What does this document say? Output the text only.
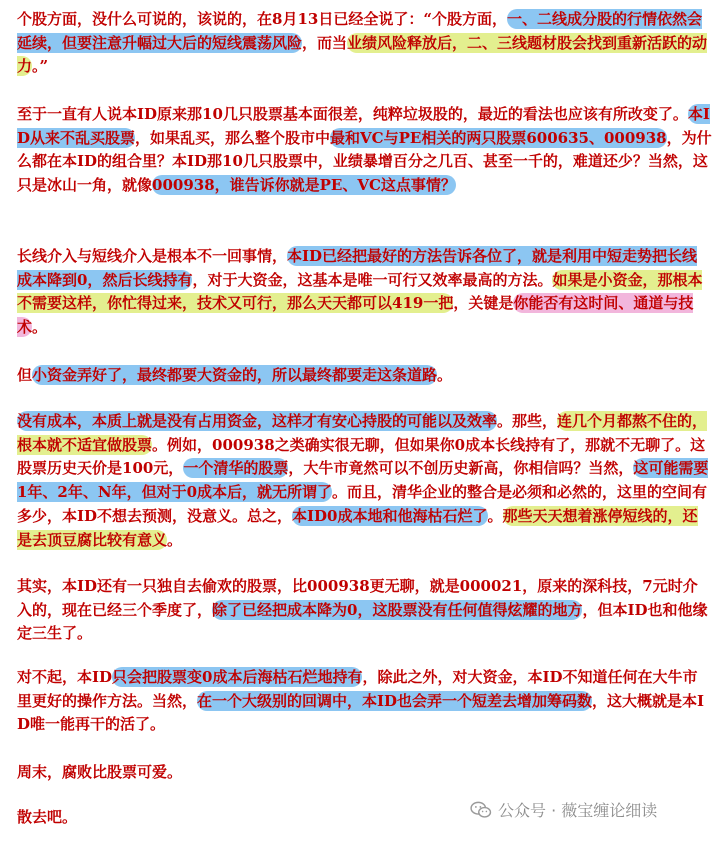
个股方面，没什么可说的，该说的，在8月13日已经全说了：“个股方面，一、二线成分股的行情依然会延续，但要注意升幅过大后的短线震荡风险，而当业绩风险释放后，二、三线题材股会找到重新活跃的动力。”

至于一直有人说本ID原来那10几只股票基本面很差，纯粹垃圾股的，最近的看法也应该有所改变了。本ID从来不乱买股票，如果乱买，那么整个股市中最和VC与PE相关的两只股票600635、000938，为什么都在本ID的组合里？本ID那10几只股票中，业绩暴增百分之几百、甚至一千的，难道还少？当然，这只是冰山一角，就像000938，谁告诉你就是PE、VC这点事情？

长线介入与短线介入是根本不一回事情，本ID已经把最好的方法告诉各位了，就是利用中短走势把长线成本降到0，然后长线持有，对于大资金，这基本是唯一可行又效率最高的方法。如果是小资金，那根本不需要这样，你忙得过来，技术又可行，那么天天都可以419一把，关键是你能否有这时间、通道与技术。

但小资金弄好了，最终都要大资金的，所以最终都要走这条道路。

没有成本，本质上就是没有占用资金，这样才有安心持股的可能以及效率。那些，连几个月都熬不住的，根本就不适宜做股票。例如，000938之类确实很无聊，但如果你0成本长线持有了，那就不无聊了。这股票历史天价是100元，一个清华的股票，大牛市竟然可以不创历史新高，你相信吗？当然，这可能需要1年、2年、N年，但对于0成本后，就无所谓了。而且，清华企业的整合是必须和必然的，这里的空间有多少，本ID不想去预测，没意义。总之，本ID0成本地和他海枯石烂了。那些天天想着涨停短线的，还是去顶豆腐比较有意义。

其实，本ID还有一只独自去偷欢的股票，比000938更无聊，就是000021，原来的深科技，7元时介入的，现在已经三个季度了，除了已经把成本降为0，这股票没有任何值得炫耀的地方，但本ID也和他缘定三生了。

对不起，本ID只会把股票变0成本后海枯石烂地持有，除此之外，对大资金，本ID不知道任何在大牛市里更好的操作方法。当然，在一个大级别的回调中，本ID也会弄一个短差去增加筹码数，这大概就是本ID唯一能再干的活了。

周末，腐败比股票可爱。

散去吧。	公众号 · 薇宝缠论细读
